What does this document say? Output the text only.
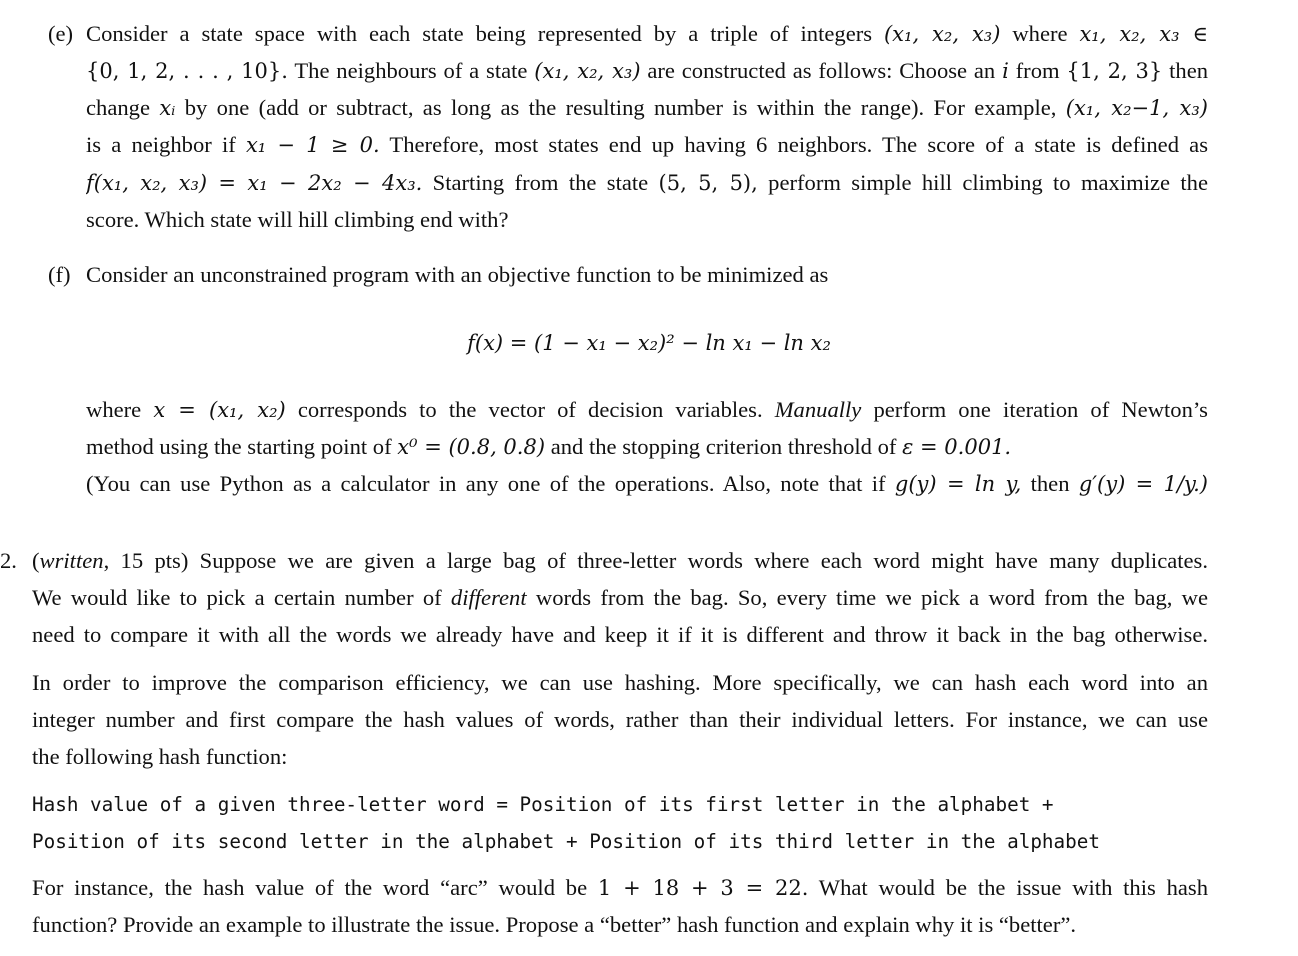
(e) Consider a state space with each state being represented by a triple of integers (x₁, x₂, x₃) where x₁, x₂, x₃ ∈
{0, 1, 2, . . . , 10}. The neighbours of a state (x₁, x₂, x₃) are constructed as follows: Choose an i from {1, 2, 3} then
change xᵢ by one (add or subtract, as long as the resulting number is within the range). For example, (x₁, x₂−1, x₃)
is a neighbor if x₁ − 1 ≥ 0. Therefore, most states end up having 6 neighbors. The score of a state is defined as
f(x₁, x₂, x₃) = x₁ − 2x₂ − 4x₃. Starting from the state (5, 5, 5), perform simple hill climbing to maximize the
score. Which state will hill climbing end with?
(f) Consider an unconstrained program with an objective function to be minimized as
f(x) = (1 − x₁ − x₂)² − ln x₁ − ln x₂
where x = (x₁, x₂) corresponds to the vector of decision variables. Manually perform one iteration of Newton’s
method using the starting point of x⁰ = (0.8, 0.8) and the stopping criterion threshold of ε = 0.001.
(You can use Python as a calculator in any one of the operations. Also, note that if g(y) = ln y, then g′(y) = 1/y.)
2. (written, 15 pts) Suppose we are given a large bag of three-letter words where each word might have many duplicates.
We would like to pick a certain number of different words from the bag. So, every time we pick a word from the bag, we
need to compare it with all the words we already have and keep it if it is different and throw it back in the bag otherwise.
In order to improve the comparison efficiency, we can use hashing. More specifically, we can hash each word into an
integer number and first compare the hash values of words, rather than their individual letters. For instance, we can use
the following hash function:
Hash value of a given three-letter word = Position of its first letter in the alphabet +
Position of its second letter in the alphabet + Position of its third letter in the alphabet
For instance, the hash value of the word “arc” would be 1 + 18 + 3 = 22. What would be the issue with this hash
function? Provide an example to illustrate the issue. Propose a “better” hash function and explain why it is “better”.
